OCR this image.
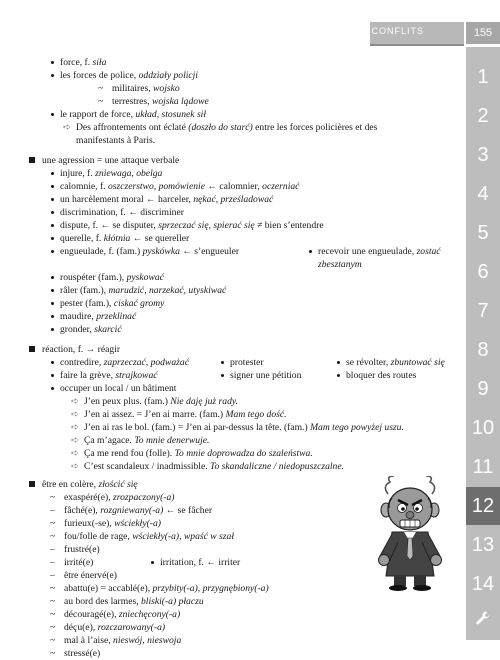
LES CONFLITS	155
1
2
3
4
5
6
7
8
9
10
11
12
13
14
force, f. siła
les forces de police, oddziały policji
~ militaires, wojsko
~ terrestres, wojska lądowe
le rapport de force, układ, stosunek sił
➪ Des affrontements ont éclaté (doszło do starć) entre les forces policières et des
manifestants à Paris.
une agression = une attaque verbale
injure, f. zniewaga, obelga
calomnie, f. oszczerstwo, pomówienie ← calomnier, oczerniać
un harcèlement moral ← harceler, nękać, prześladować
discrimination, f. ← discriminer
dispute, f. ← se disputer, sprzeczać się, spierać się ≠ bien s’entendre
querelle, f. kłótnia ← se quereller
engueulade, f. (fam.) pyskówka ← s’engueuler	recevoir une engueulade, zostać
zbesztanym
rouspéter (fam.), pyskować
râler (fam.), marudzić, narzekać, utyskiwać
pester (fam.), ciskać gromy
maudire, przeklinać
gronder, skarcić
réaction, f. → réagir
contredire, zaprzeczać, podważać	protester	se révolter, zbuntować się
faire la grève, strajkować	signer une pétition	bloquer des routes
occuper un local / un bâtiment
➪ J’en peux plus. (fam.) Nie daję już rady.
➪ J’en ai assez. = J’en ai marre. (fam.) Mam tego dość.
➪ J’en ai ras le bol. (fam.) = J’en ai par-dessus la tête. (fam.) Mam tego powyżej uszu.
➪ Ça m’agace. To mnie denerwuje.
➪ Ça me rend fou (folle). To mnie doprowadza do szaleństwa.
➪ C’est scandaleux / inadmissible. To skandaliczne / niedopuszczalne.
être en colère, złościć się
~ exaspéré(e), zrozpaczony(-a)
– fâché(e), rozgniewany(-a) ← se fâcher
~ furieux(-se), wściekły(-a)
~ fou/folle de rage, wściekły(-a), wpaść w szał
– frustré(e)
– irrité(e)	irritation, f. ← irriter
– être énervé(e)
~ abattu(e) = accablé(e), przybity(-a), przygnębiony(-a)
~ au bord des larmes, bliski(-a) płaczu
~ découragé(e), zniechęcony(-a)
~ déçu(e), rozczarowany(-a)
~ mal à l’aise, nieswój, nieswoja
~ stressé(e)
